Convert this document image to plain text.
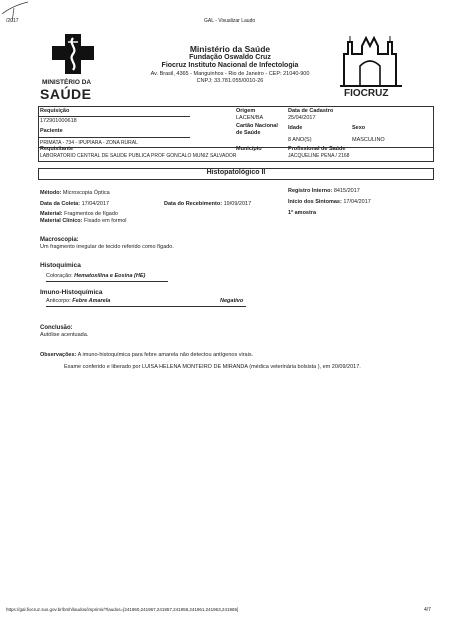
/2017	GAL - Visualizar Laudo
MINISTÉRIO DA
SAÚDE
Ministério da Saúde
Fundação Oswaldo Cruz
Fiocruz Instituto Nacional de Infectologia
Av. Brasil, 4365 - Manguinhos - Rio de Janeiro - CEP: 21040-900
CNPJ: 33.781.055/0010-26
FIOCRUZ
Requisição
172901000618
Paciente
PRIMATA - 734 - IPUPIARA - ZONA RURAL
Requisitante
LABORATORIO CENTRAL DE SAUDE PUBLICA PROF GONCALO MUNIZ SALVADOR
Origem
LACEN/BA
Cartão Nacional
de Saúde
Município
Data de Cadastro
25/04/2017
Idade	Sexo
8 ANO(S)	MASCULINO
Profissional de Saúde
JACQUELINE PENA / 2168
Histopatológico II
Método: Microscopia Óptica	Registro Interno: 8415/2017
Data da Coleta: 17/04/2017	Data do Recebimento: 19/09/2017	Início dos Sintomas: 17/04/2017
Material: Fragmentos de fígado	1ª amostra
Material Clínico: Fixado em formol
Macroscopia:
Um fragmento irregular de tecido referido como fígado.
Histoquímica
Coloração: Hematoxilina e Eosina (HE)
Imuno-Histoquímica
Anticorpo: Febre Amarela	Negativo
Conclusão:
Autólise acentuada.
Observações: A imuno-histoquímica para febre amarela não detectou antígenos virais.
Exame conferido e liberado por LUISA HELENA MONTEIRO DE MIRANDA (médica veterinária bolsista ), em 20/09/2017.
https://gal.fiocruz.sus.gov.br/bmh/laudos/imprimir/?laudos=[241960,241967,241957,241959,241961,241963,241965]	4/7
